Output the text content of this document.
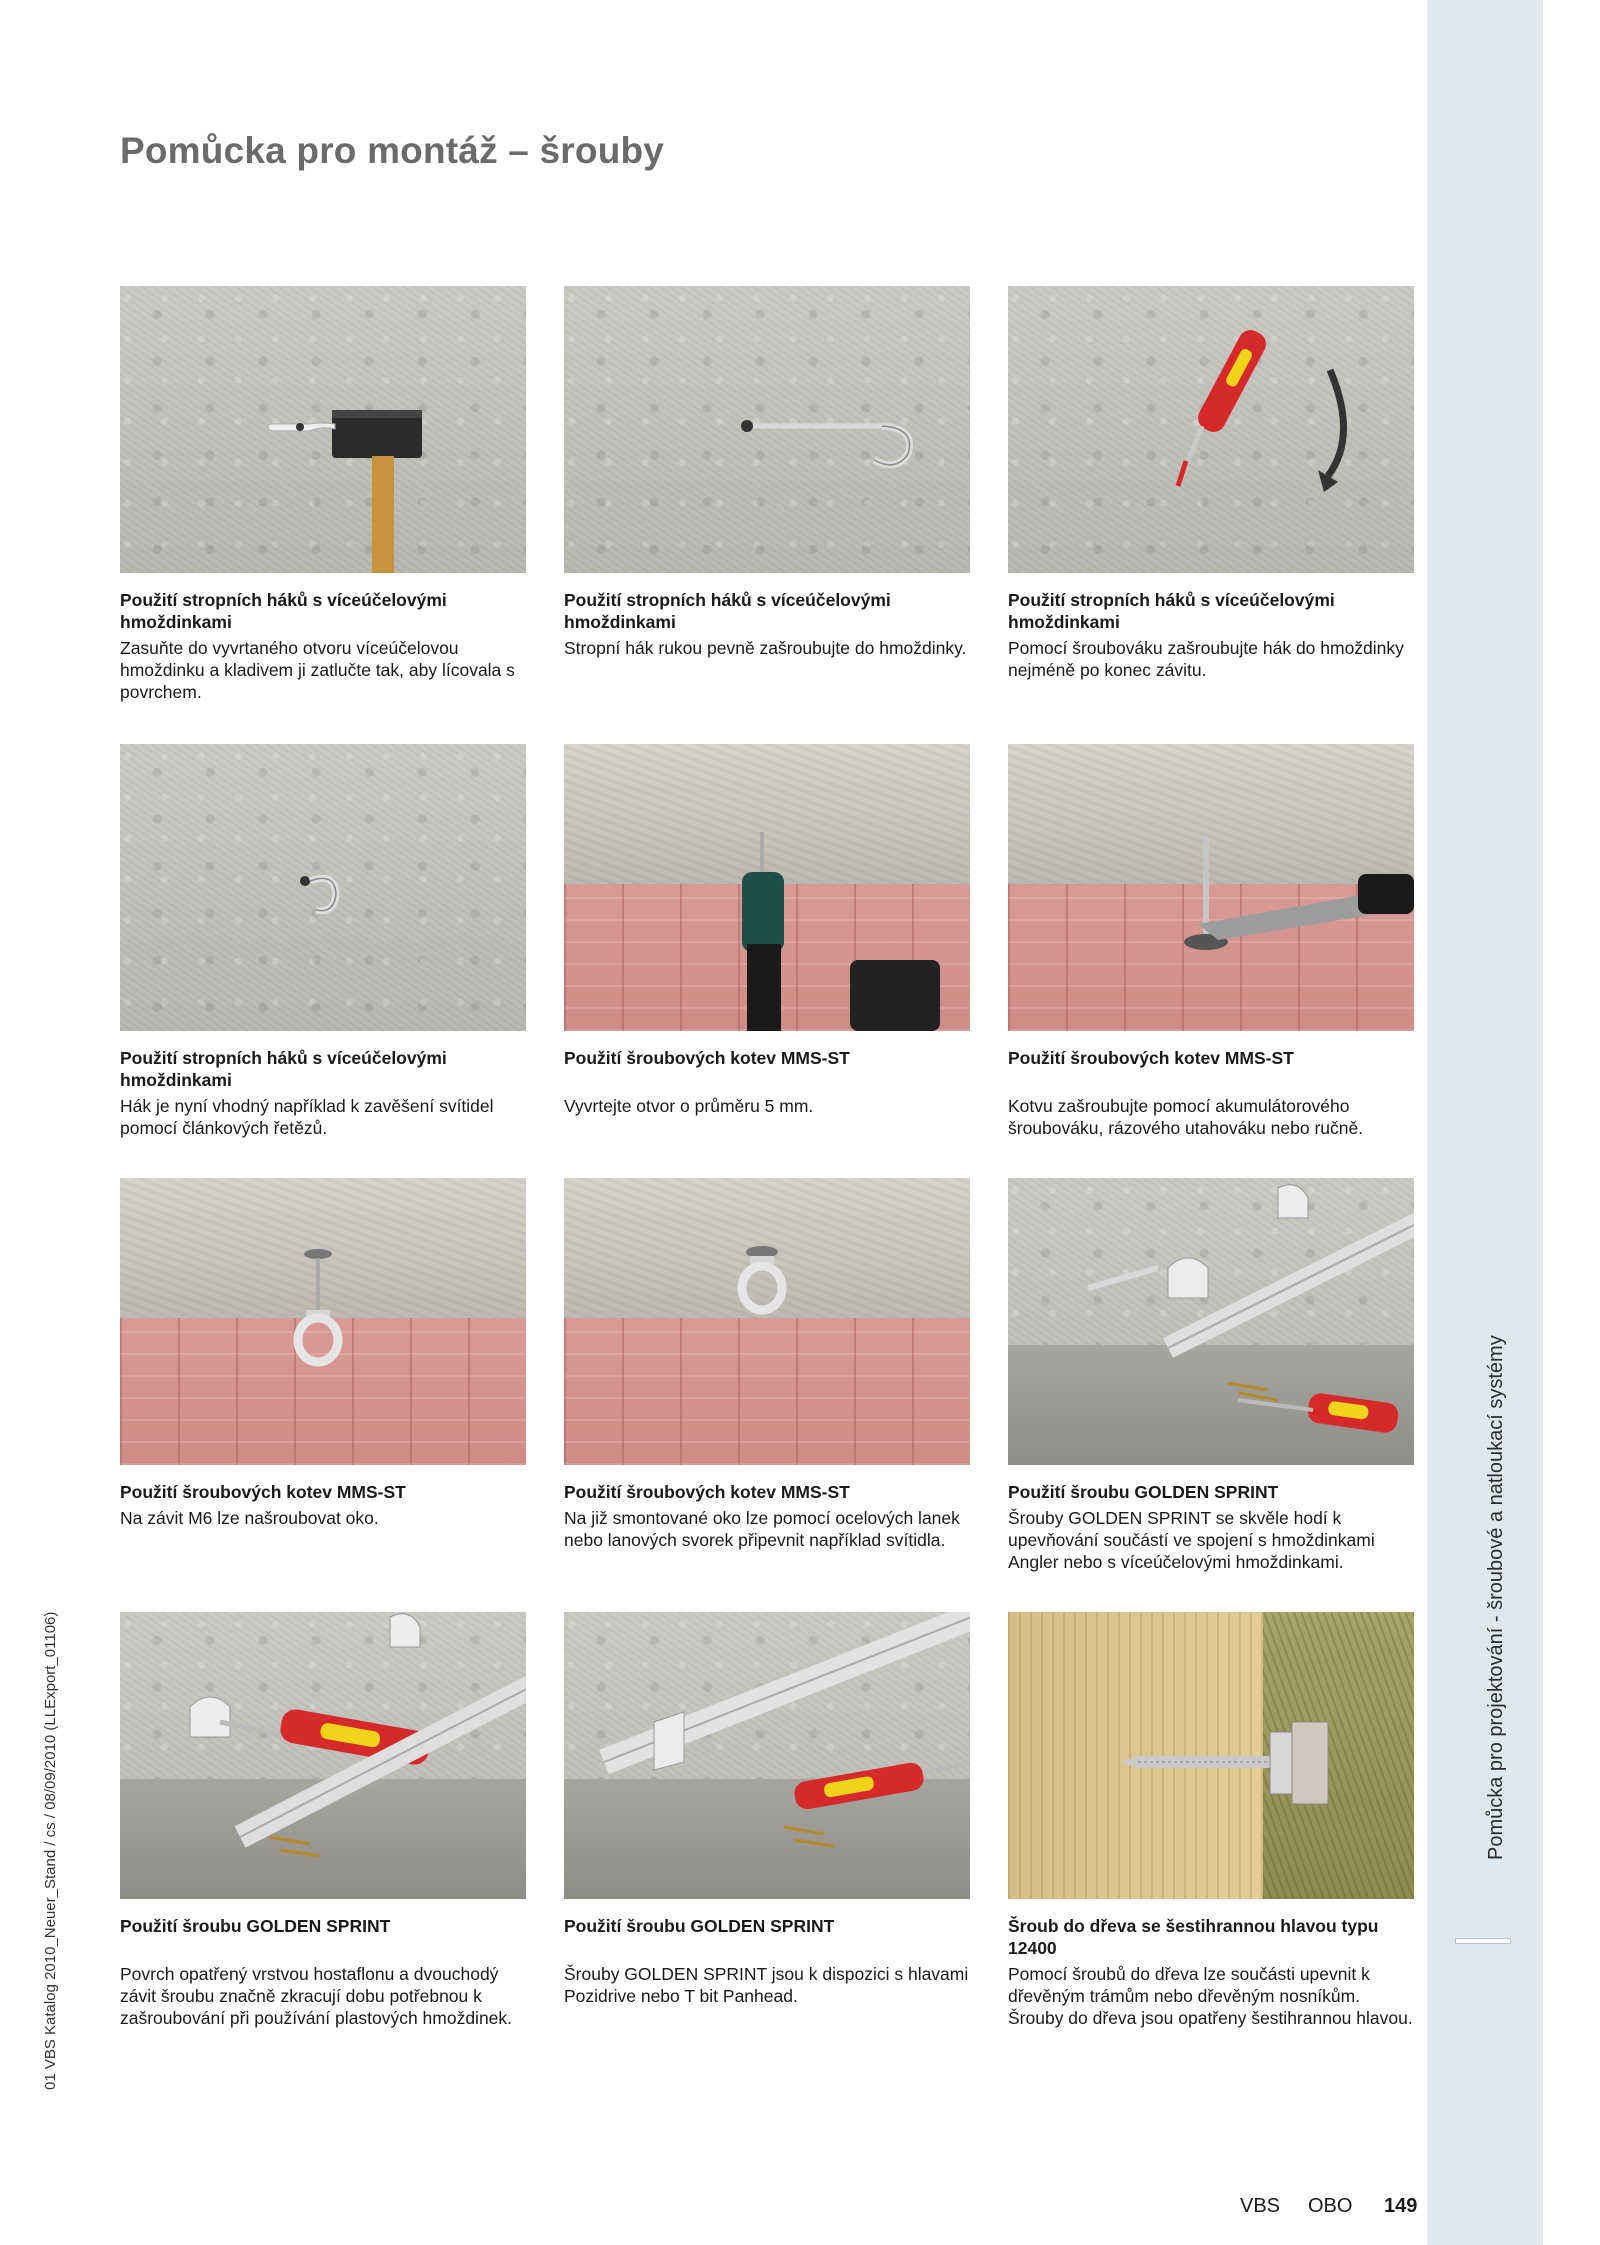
Pomůcka pro projektování - šroubové a natloukací systémy
Pomůcka pro montáž – šrouby
01 VBS Katalog 2010_Neuer_Stand / cs / 08/09/2010 (LLExport_01106)

Použití stropních háků s víceúčelovými hmoždinkami

Zasuňte do vyvrtaného otvoru víceúčelovou hmoždinku a kladivem ji zatlučte tak, aby lícovala s povrchem.

Použití stropních háků s víceúčelovými hmoždinkami

Stropní hák rukou pevně zašroubujte do hmoždinky.

Použití stropních háků s víceúčelovými hmoždinkami

Pomocí šroubováku zašroubujte hák do hmoždinky nejméně po konec závitu.

Použití stropních háků s víceúčelovými hmoždinkami

Hák je nyní vhodný například k zavěšení svítidel pomocí článkových řetězů.

Použití šroubových kotev MMS-ST

Vyvrtejte otvor o průměru 5 mm.

Použití šroubových kotev MMS-ST

Kotvu zašroubujte pomocí akumulátorového šroubováku, rázového utahováku nebo ručně.

Použití šroubových kotev MMS-ST

Na závit M6 lze našroubovat oko.

Použití šroubových kotev MMS-ST

Na již smontované oko lze pomocí ocelových lanek nebo lanových svorek připevnit například svítidla.

Použití šroubu GOLDEN SPRINT

Šrouby GOLDEN SPRINT se skvěle hodí k upevňování součástí ve spojení s hmoždinkami Angler nebo s víceúčelovými hmoždinkami.

Použití šroubu GOLDEN SPRINT

Povrch opatřený vrstvou hostaflonu a dvouchodý závit šroubu značně zkracují dobu potřebnou k zašroubování při používání plastových hmoždinek.

Použití šroubu GOLDEN SPRINT

Šrouby GOLDEN SPRINT jsou k dispozici s hlavami Pozidrive nebo T bit Panhead.

Šroub do dřeva se šestihrannou hlavou typu 12400

Pomocí šroubů do dřeva lze součásti upevnit k dřevěným trámům nebo dřevěným nosníkům. Šrouby do dřeva jsou opatřeny šestihrannou hlavou.

VBS OBO 149
